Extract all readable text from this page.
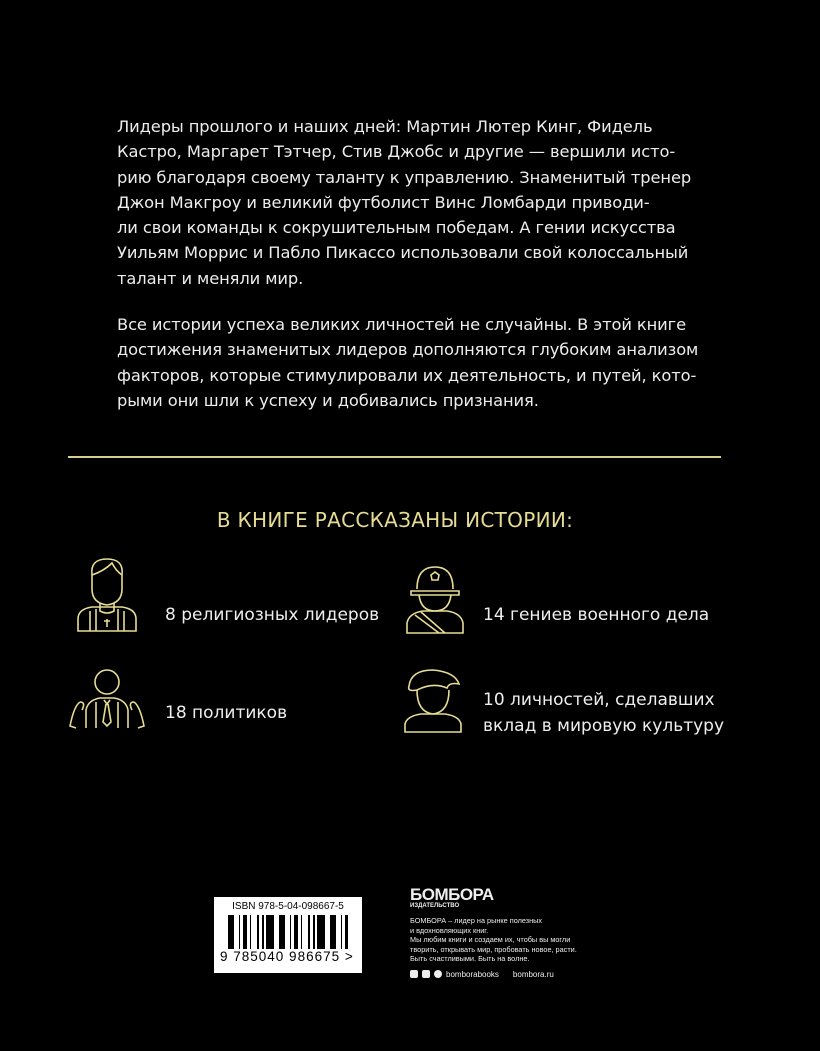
Лидеры прошлого и наших дней: Мартин Лютер Кинг, Фидель
Кастро, Маргарет Тэтчер, Стив Джобс и другие — вершили исто-
рию благодаря своему таланту к управлению. Знаменитый тренер
Джон Макгроу и великий футболист Винс Ломбарди приводи-
ли свои команды к сокрушительным победам. А гении искусства
Уильям Моррис и Пабло Пикассо использовали свой колоссальный
талант и меняли мир.
Все истории успеха великих личностей не случайны. В этой книге
достижения знаменитых лидеров дополняются глубоким анализом
факторов, которые стимулировали их деятельность, и путей, кото-
рыми они шли к успеху и добивались признания.
В КНИГЕ РАССКАЗАНЫ ИСТОРИИ:
8 религиозных лидеров	14 гениев военного дела
18 политиков
10 личностей, сделавших
вклад в мировую культуру
ISBN 978-5-04-098667-5
9 785040 986675 >
БОМБОРА
ИЗДАТЕЛЬСТВО
БОМБОРА – лидер на рынке полезных
и вдохновляющих книг.
Мы любим книги и создаем их, чтобы вы могли
творить, открывать мир, пробовать новое, расти.
Быть счастливыми. Быть на волне.
bomborabooks bombora.ru
